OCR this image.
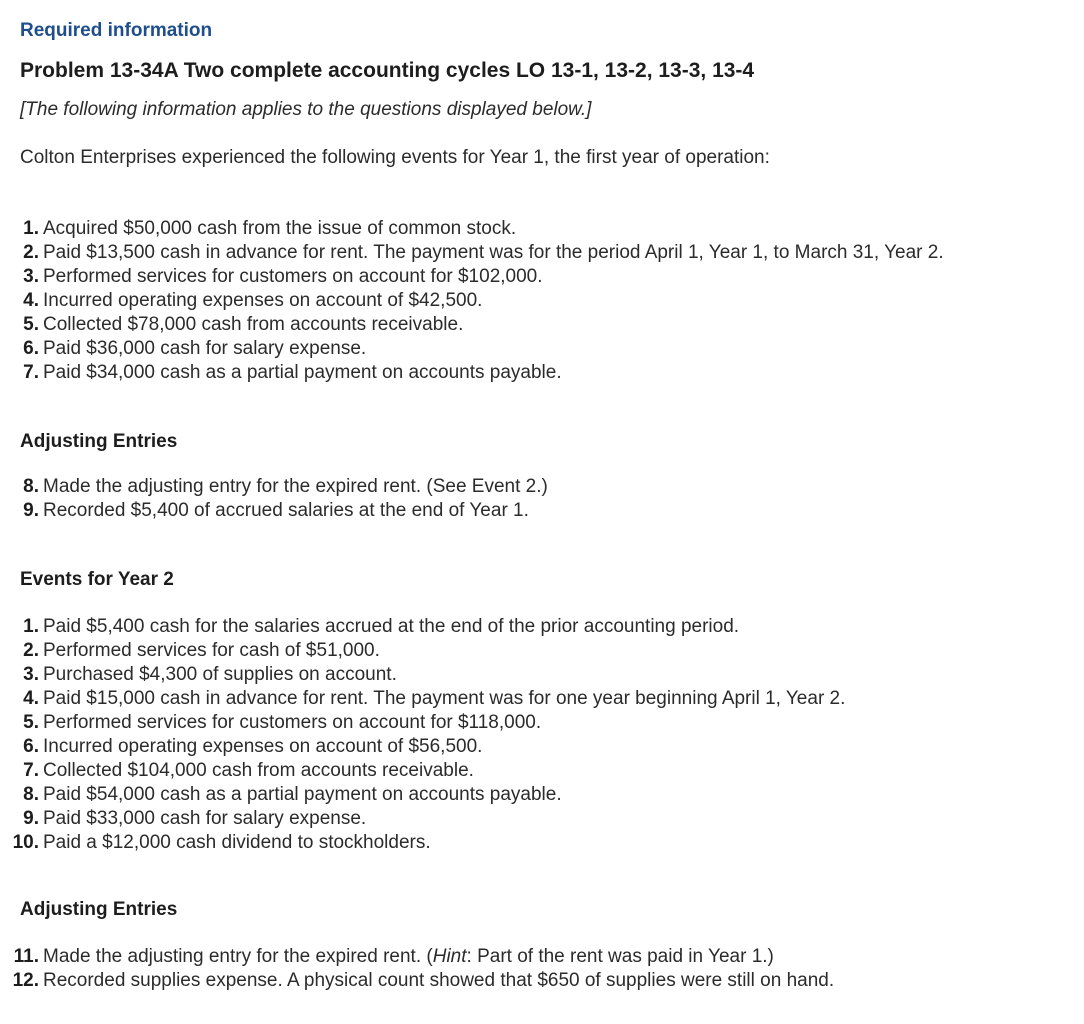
Required information
Problem 13-34A Two complete accounting cycles LO 13-1, 13-2, 13-3, 13-4
[The following information applies to the questions displayed below.]
Colton Enterprises experienced the following events for Year 1, the first year of operation:
1. Acquired $50,000 cash from the issue of common stock.
2. Paid $13,500 cash in advance for rent. The payment was for the period April 1, Year 1, to March 31, Year 2.
3. Performed services for customers on account for $102,000.
4. Incurred operating expenses on account of $42,500.
5. Collected $78,000 cash from accounts receivable.
6. Paid $36,000 cash for salary expense.
7. Paid $34,000 cash as a partial payment on accounts payable.
Adjusting Entries
8. Made the adjusting entry for the expired rent. (See Event 2.)
9. Recorded $5,400 of accrued salaries at the end of Year 1.
Events for Year 2
1. Paid $5,400 cash for the salaries accrued at the end of the prior accounting period.
2. Performed services for cash of $51,000.
3. Purchased $4,300 of supplies on account.
4. Paid $15,000 cash in advance for rent. The payment was for one year beginning April 1, Year 2.
5. Performed services for customers on account for $118,000.
6. Incurred operating expenses on account of $56,500.
7. Collected $104,000 cash from accounts receivable.
8. Paid $54,000 cash as a partial payment on accounts payable.
9. Paid $33,000 cash for salary expense.
10. Paid a $12,000 cash dividend to stockholders.
Adjusting Entries
11. Made the adjusting entry for the expired rent. (Hint: Part of the rent was paid in Year 1.)
12. Recorded supplies expense. A physical count showed that $650 of supplies were still on hand.
